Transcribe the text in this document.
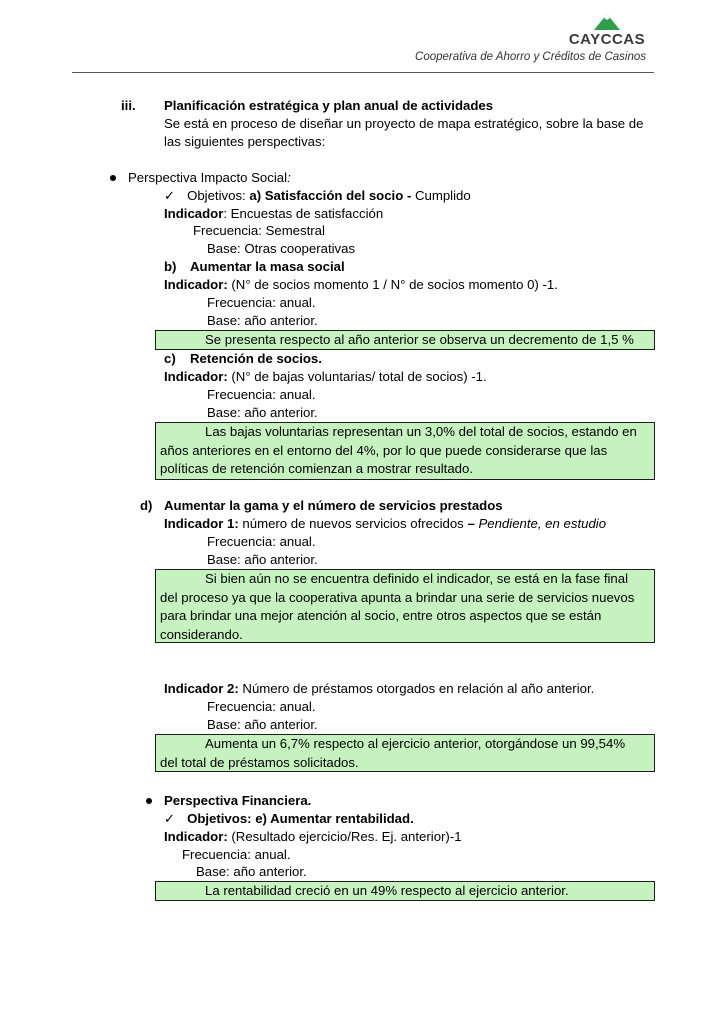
CAYCCAS
Cooperativa de Ahorro y Créditos de Casinos
iii. Planificación estratégica y plan anual de actividades
Se está en proceso de diseñar un proyecto de mapa estratégico, sobre la base de
las siguientes perspectivas:
Perspectiva Impacto Social:
✓ Objetivos: a) Satisfacción del socio - Cumplido
Indicador: Encuestas de satisfacción
Frecuencia: Semestral
Base: Otras cooperativas
b) Aumentar la masa social
Indicador: (N° de socios momento 1 / N° de socios momento 0) -1.
Frecuencia: anual.
Base: año anterior.

Se presenta respecto al año anterior se observa un decremento de 1,5 %

c) Retención de socios.
Indicador: (N° de bajas voluntarias/ total de socios) -1.
Frecuencia: anual.
Base: año anterior.

Las bajas voluntarias representan un 3,0% del total de socios, estando en

años anteriores en el entorno del 4%, por lo que puede considerarse que las

políticas de retención comienzan a mostrar resultado.

d) Aumentar la gama y el número de servicios prestados
Indicador 1: número de nuevos servicios ofrecidos – Pendiente, en estudio
Frecuencia: anual.
Base: año anterior.

Si bien aún no se encuentra definido el indicador, se está en la fase final

del proceso ya que la cooperativa apunta a brindar una serie de servicios nuevos

para brindar una mejor atención al socio, entre otros aspectos que se están

considerando.

Indicador 2: Número de préstamos otorgados en relación al año anterior.
Frecuencia: anual.
Base: año anterior.

Aumenta un 6,7% respecto al ejercicio anterior, otorgándose un 99,54%

del total de préstamos solicitados.

Perspectiva Financiera.
✓ Objetivos: e) Aumentar rentabilidad.
Indicador: (Resultado ejercicio/Res. Ej. anterior)-1
Frecuencia: anual.
Base: año anterior.

La rentabilidad creció en un 49% respecto al ejercicio anterior.
